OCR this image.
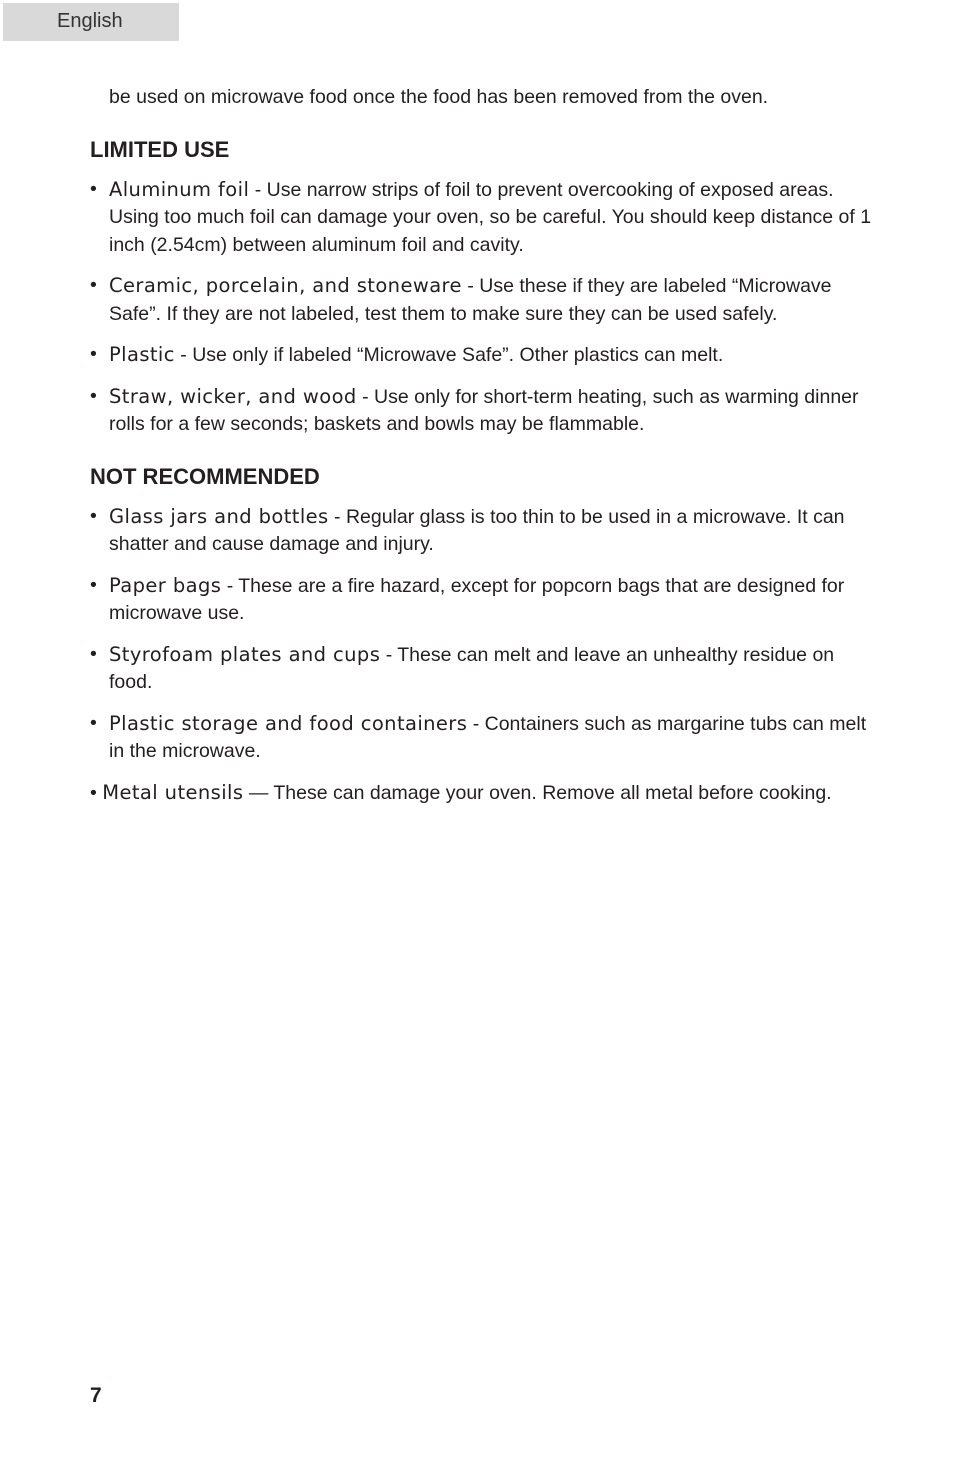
English

be used on microwave food once the food has been removed from the oven.

LIMITED USE
• Aluminum foil - Use narrow strips of foil to prevent overcooking of exposed areas. Using too much foil can damage your oven, so be careful. You should keep distance of 1 inch (2.54cm) between aluminum foil and cavity.
• Ceramic, porcelain, and stoneware - Use these if they are labeled “Microwave Safe”. If they are not labeled, test them to make sure they can be used safely.
• Plastic - Use only if labeled “Microwave Safe”. Other plastics can melt.
• Straw, wicker, and wood - Use only for short-term heating, such as warming dinner rolls for a few seconds; baskets and bowls may be flammable.
NOT RECOMMENDED
• Glass jars and bottles - Regular glass is too thin to be used in a microwave. It can shatter and cause damage and injury.
• Paper bags - These are a fire hazard, except for popcorn bags that are designed for microwave use.
• Styrofoam plates and cups - These can melt and leave an unhealthy residue on food.
• Plastic storage and food containers - Containers such as margarine tubs can melt in the microwave.
• Metal utensils — These can damage your oven. Remove all metal before cooking.
7
